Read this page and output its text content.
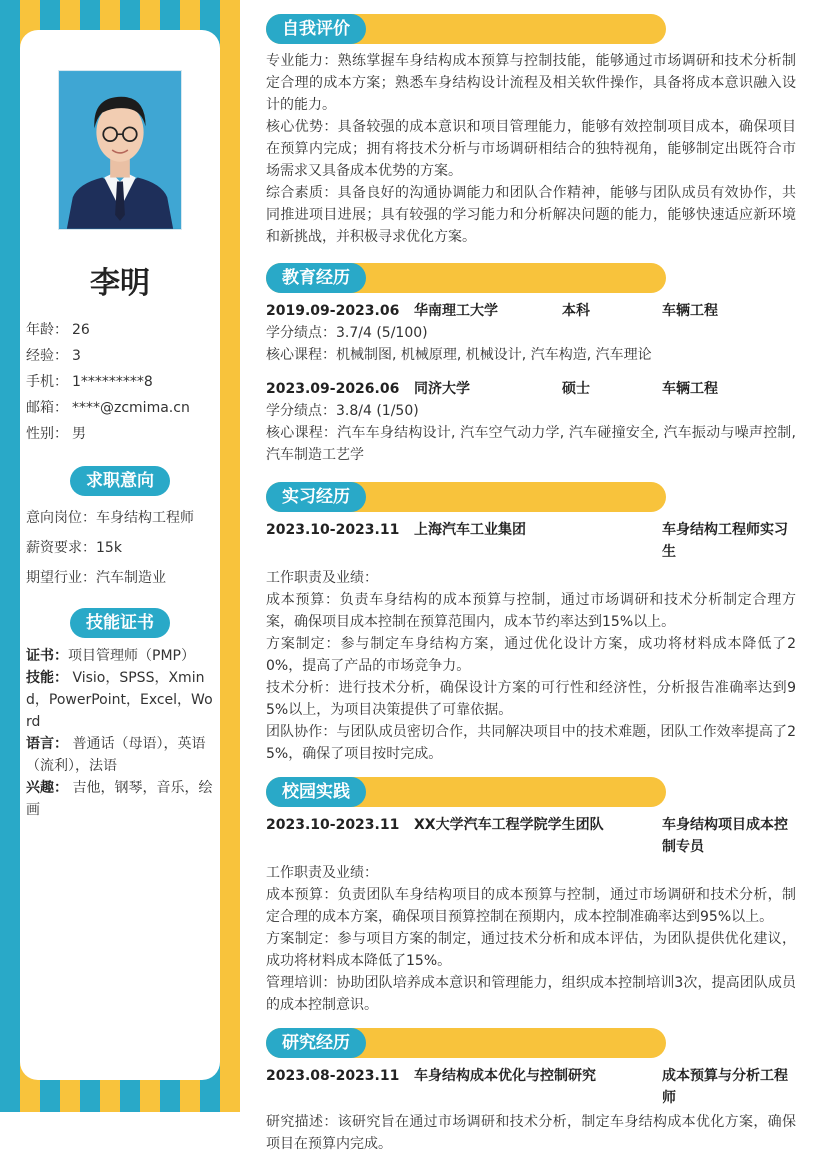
李明
年龄： 26
经验： 3
手机： 1*********8
邮箱： ****@zcmima.cn
性别： 男
求职意向
意向岗位：车身结构工程师
薪资要求：15k
期望行业：汽车制造业
技能证书
证书：项目管理师（PMP）
技能： Visio，SPSS，Xmind，PowerPoint，Excel，Word
语言： 普通话（母语），英语（流利），法语
兴趣： 吉他，钢琴，音乐，绘画
自我评价

专业能力：熟练掌握车身结构成本预算与控制技能，能够通过市场调研和技术分析制定合理的成本方案；熟悉车身结构设计流程及相关软件操作，具备将成本意识融入设计的能力。

核心优势：具备较强的成本意识和项目管理能力，能够有效控制项目成本，确保项目在预算内完成；拥有将技术分析与市场调研相结合的独特视角，能够制定出既符合市场需求又具备成本优势的方案。

综合素质：具备良好的沟通协调能力和团队合作精神，能够与团队成员有效协作，共同推进项目进展；具有较强的学习能力和分析解决问题的能力，能够快速适应新环境和新挑战，并积极寻求优化方案。

教育经历
2019.09-2023.06 华南理工大学	本科	车辆工程

学分绩点：3.7/4 (5/100)

核心课程：机械制图, 机械原理, 机械设计, 汽车构造, 汽车理论

2023.09-2026.06 同济大学	硕士	车辆工程

学分绩点：3.8/4 (1/50)

核心课程：汽车车身结构设计, 汽车空气动力学, 汽车碰撞安全, 汽车振动与噪声控制, 汽车制造工艺学

实习经历
2023.10-2023.11 上海汽车工业集团	车身结构工程师实习生

工作职责及业绩：

成本预算：负责车身结构的成本预算与控制，通过市场调研和技术分析制定合理方案，确保项目成本控制在预算范围内，成本节约率达到15%以上。

方案制定：参与制定车身结构方案，通过优化设计方案，成功将材料成本降低了20%，提高了产品的市场竞争力。

技术分析：进行技术分析，确保设计方案的可行性和经济性，分析报告准确率达到95%以上，为项目决策提供了可靠依据。

团队协作：与团队成员密切合作，共同解决项目中的技术难题，团队工作效率提高了25%，确保了项目按时完成。

校园实践
2023.10-2023.11 XX大学汽车工程学院学生团队	车身结构项目成本控制专员

工作职责及业绩：

成本预算：负责团队车身结构项目的成本预算与控制，通过市场调研和技术分析，制定合理的成本方案，确保项目预算控制在预期内，成本控制准确率达到95%以上。

方案制定：参与项目方案的制定，通过技术分析和成本评估，为团队提供优化建议，成功将材料成本降低了15%。

管理培训：协助团队培养成本意识和管理能力，组织成本控制培训3次，提高团队成员的成本控制意识。

研究经历
2023.08-2023.11 车身结构成本优化与控制研究	成本预算与分析工程师

研究描述：该研究旨在通过市场调研和技术分析，制定车身结构成本优化方案，确保项目在预算内完成。
